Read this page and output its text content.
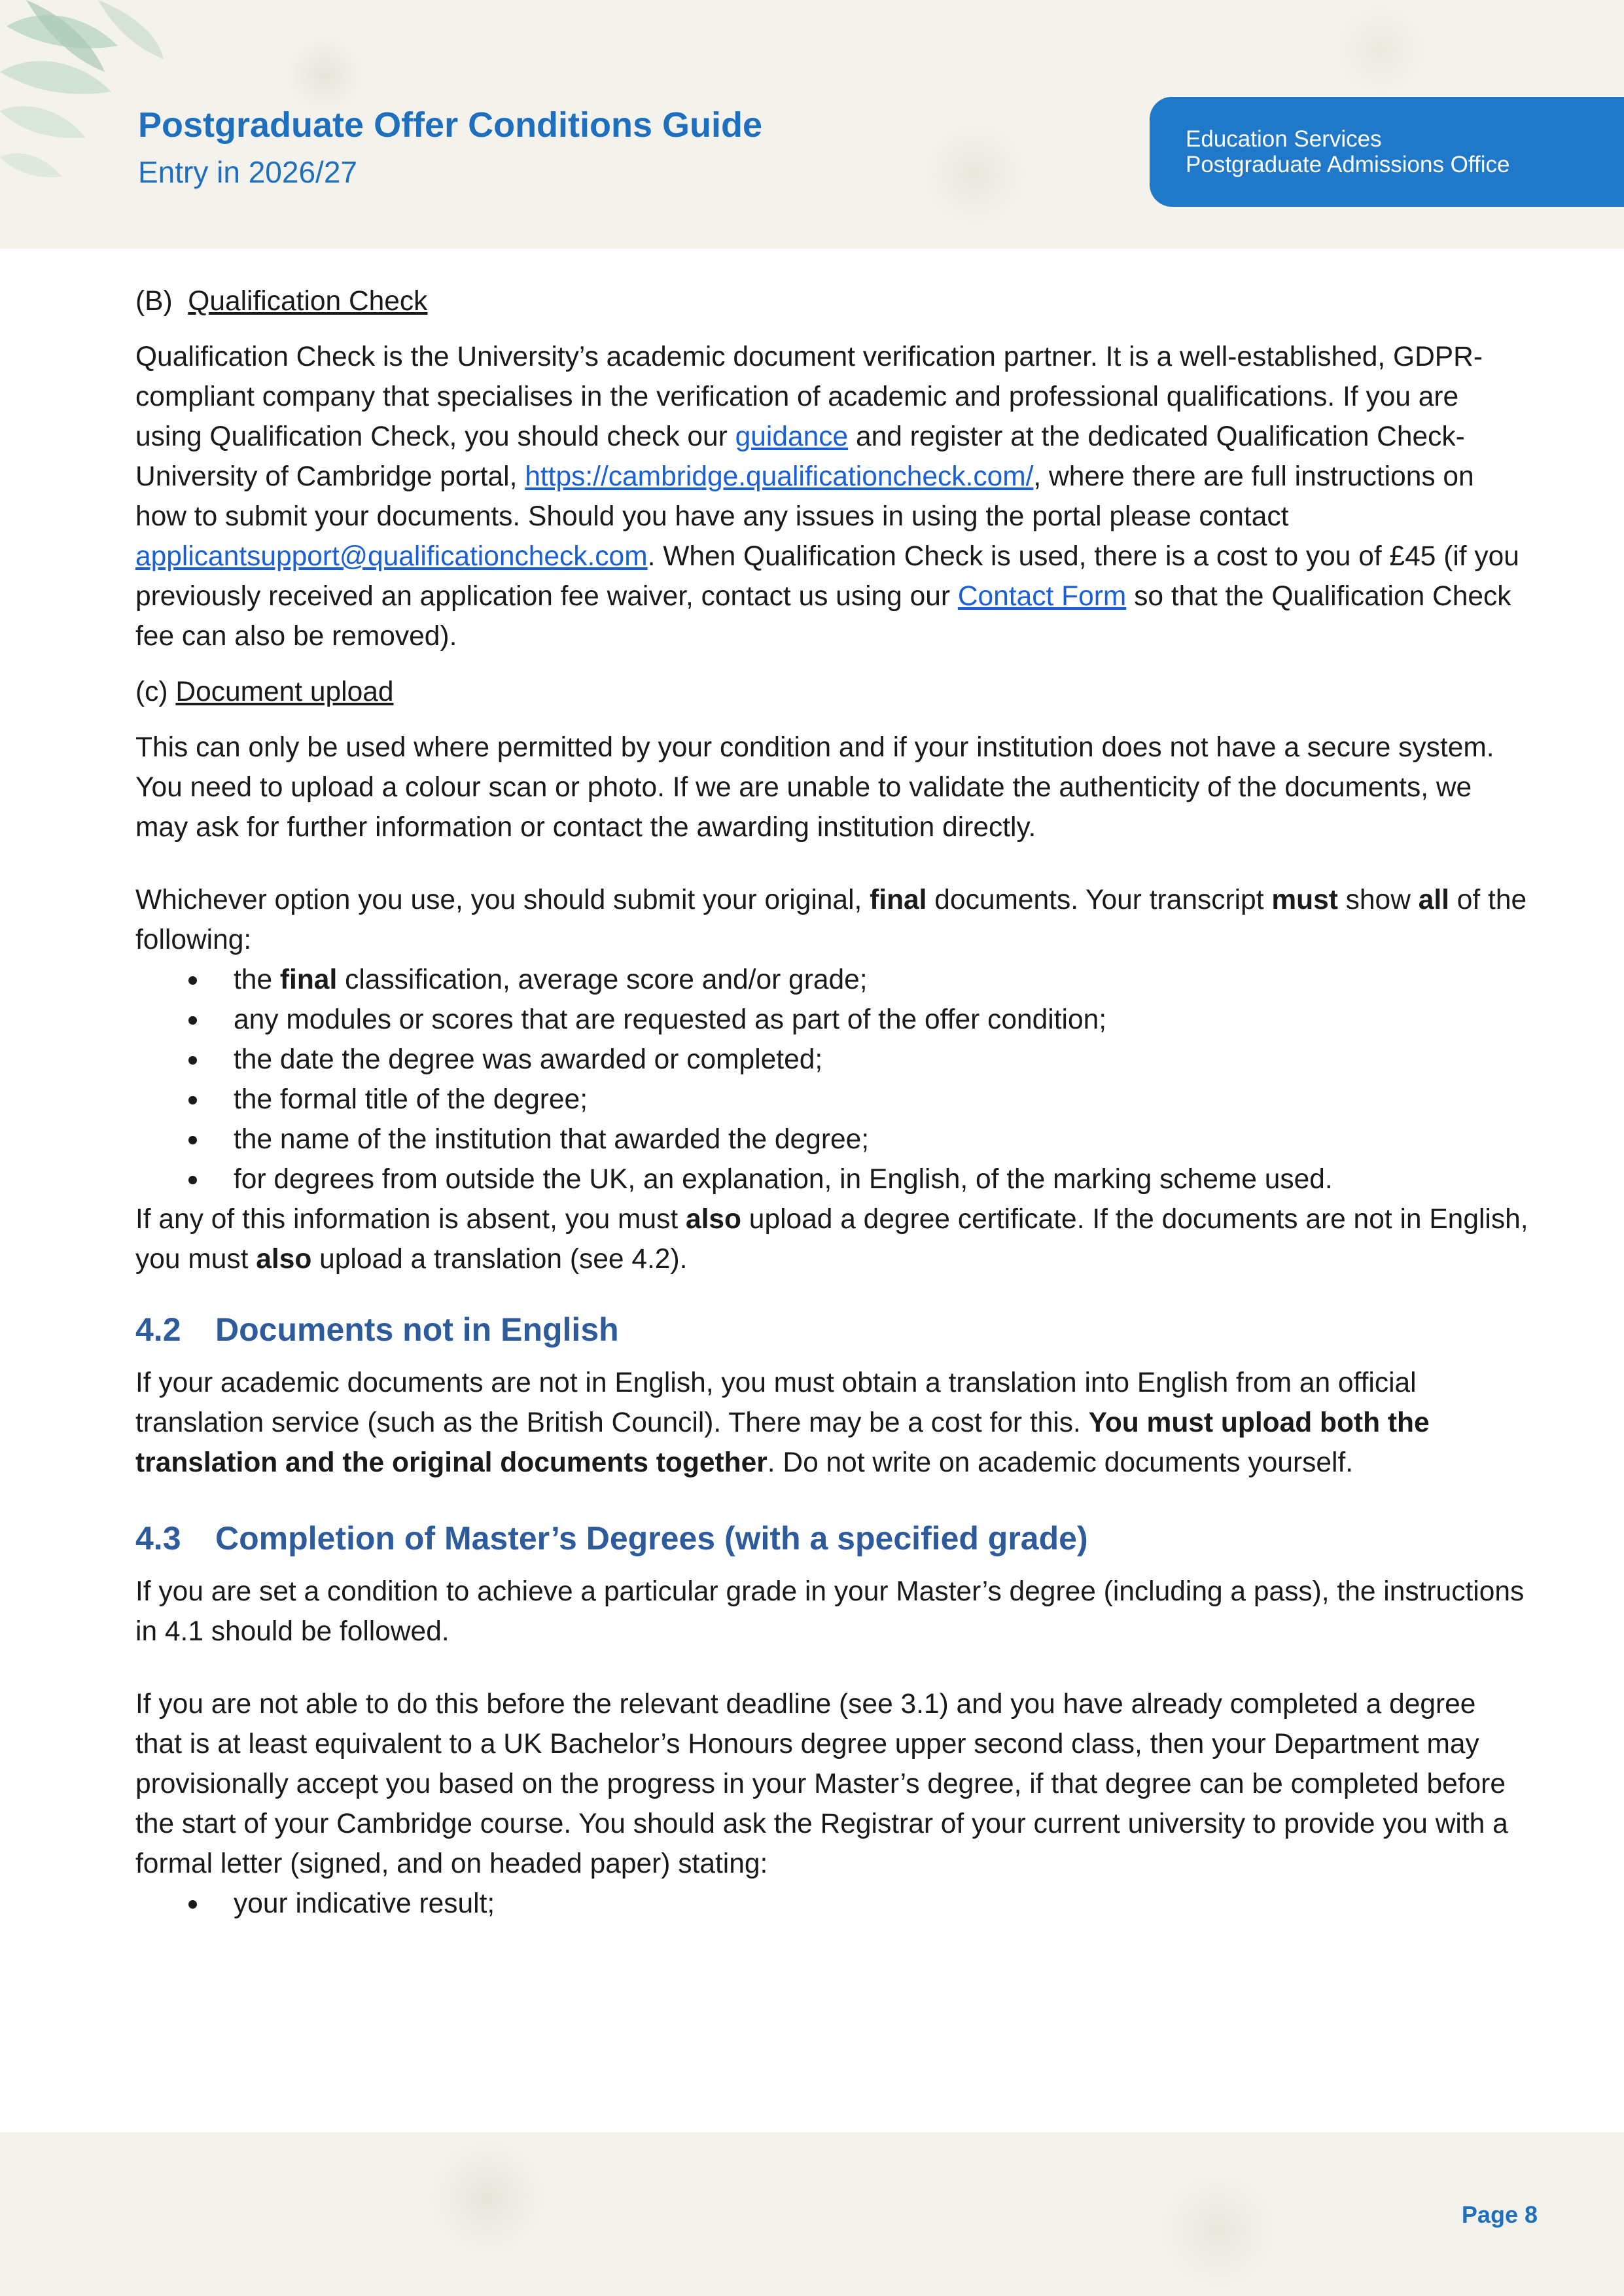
Postgraduate Offer Conditions Guide
Entry in 2026/27
Education Services
Postgraduate Admissions Office

(B) Qualification Check

Qualification Check is the University’s academic document verification partner. It is a well-established, GDPR-compliant company that specialises in the verification of academic and professional qualifications. If you are using Qualification Check, you should check our guidance and register at the dedicated Qualification Check-University of Cambridge portal, https://cambridge.qualificationcheck.com/, where there are full instructions on how to submit your documents. Should you have any issues in using the portal please contact applicantsupport@qualificationcheck.com. When Qualification Check is used, there is a cost to you of £45 (if you previously received an application fee waiver, contact us using our Contact Form so that the Qualification Check fee can also be removed).

(c) Document upload

This can only be used where permitted by your condition and if your institution does not have a secure system. You need to upload a colour scan or photo. If we are unable to validate the authenticity of the documents, we may ask for further information or contact the awarding institution directly.

Whichever option you use, you should submit your original, final documents. Your transcript must show all of the following:

the final classification, average score and/or grade;
any modules or scores that are requested as part of the offer condition;
the date the degree was awarded or completed;
the formal title of the degree;
the name of the institution that awarded the degree;
for degrees from outside the UK, an explanation, in English, of the marking scheme used.

If any of this information is absent, you must also upload a degree certificate. If the documents are not in English, you must also upload a translation (see 4.2).

4.2 Documents not in English

If your academic documents are not in English, you must obtain a translation into English from an official translation service (such as the British Council). There may be a cost for this. You must upload both the translation and the original documents together. Do not write on academic documents yourself.

4.3 Completion of Master’s Degrees (with a specified grade)

If you are set a condition to achieve a particular grade in your Master’s degree (including a pass), the instructions in 4.1 should be followed.

If you are not able to do this before the relevant deadline (see 3.1) and you have already completed a degree that is at least equivalent to a UK Bachelor’s Honours degree upper second class, then your Department may provisionally accept you based on the progress in your Master’s degree, if that degree can be completed before the start of your Cambridge course. You should ask the Registrar of your current university to provide you with a formal letter (signed, and on headed paper) stating:

your indicative result;
Page 8
